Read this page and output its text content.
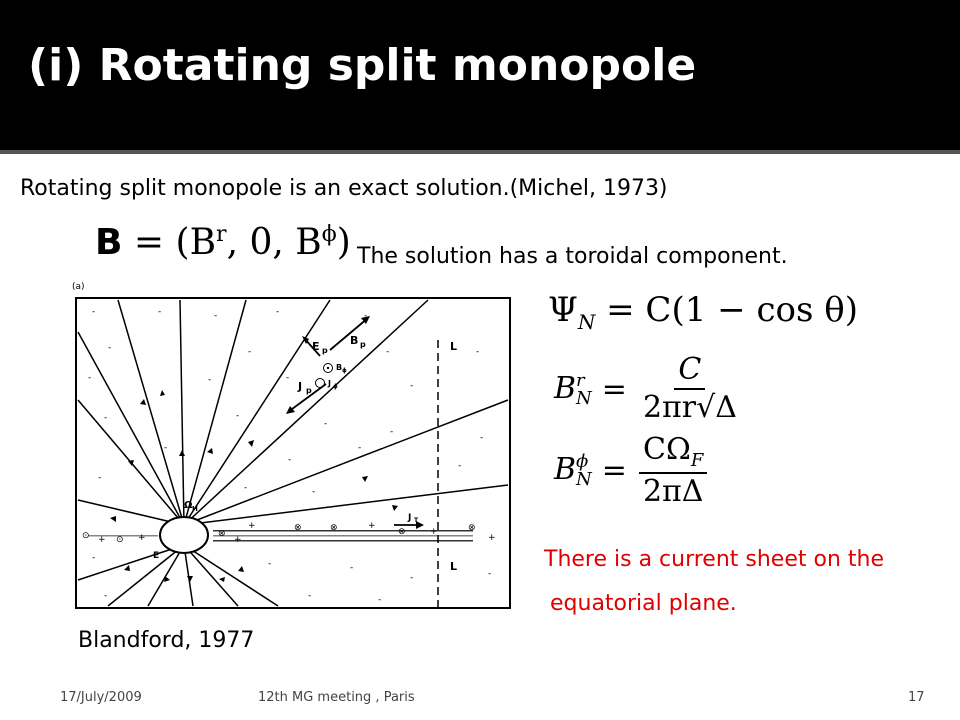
(i) Rotating split monopole
Rotating split monopole is an exact solution.(Michel, 1973)
$B = (B^r$, 0, $B^\phi$) The solution has a toroidal component.
(a)
E p
B p
J p
B ϕ
J ϕ
Ω H
L
L
J T
E
-	-	-	-	-
-	-	-	-
-	-	-
-
-	-
-
-
-
-
-
-
-
-
-	-
-
-
-	-
-	-
-	-	-
+	⊗	⊗	+
⊗	+	⊗
+
⊙ + ⊙ +	⊗
+
$\Psi_N = C(1 - \cos \theta)$
B r
$N = \frac{C}{2\pi r√\Delta}$
B ϕ
$N = \frac{C\Omega_F}{2\pi\Delta}$
There is a current sheet on the
equatorial plane.
Blandford, 1977
17/July/2009	12th MG meeting , Paris	17
